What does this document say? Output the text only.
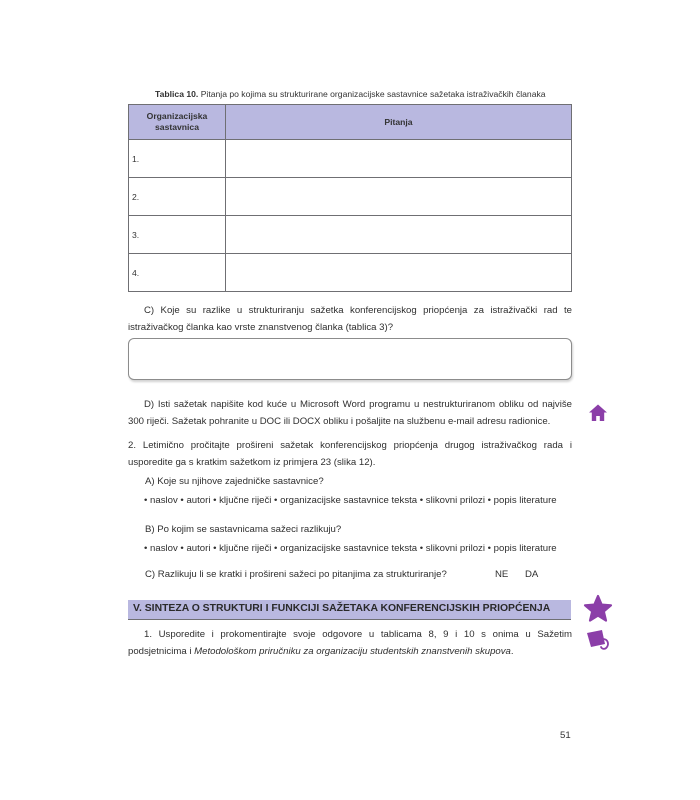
Tablica 10. Pitanja po kojima su strukturirane organizacijske sastavnice sažetaka istraživačkih članaka
Organizacijska sastavnica	Pitanja
1.	
2.	
3.	
4.	
C) Koje su razlike u strukturiranju sažetka konferencijskog priopćenja za istraživački rad te istraživačkog članka kao vrste znanstvenog članka (tablica 3)?
D) Isti sažetak napišite kod kuće u Microsoft Word programu u nestrukturiranom obliku od najviše 300 riječi. Sažetak pohranite u DOC ili DOCX obliku i pošaljite na službenu e-mail adresu radionice.
2. Letimično pročitajte prošireni sažetak konferencijskog priopćenja drugog istraživačkog rada i usporedite ga s kratkim sažetkom iz primjera 23 (slika 12).
A) Koje su njihove zajedničke sastavnice?
• naslov • autori • ključne riječi • organizacijske sastavnice teksta • slikovni prilozi • popis literature
B) Po kojim se sastavnicama sažeci razlikuju?
• naslov • autori • ključne riječi • organizacijske sastavnice teksta • slikovni prilozi • popis literature
C) Razlikuju li se kratki i prošireni sažeci po pitanjima za strukturiranje?	NE DA
V. SINTEZA O STRUKTURI I FUNKCIJI SAŽETAKA KONFERENCIJSKIH PRIOPĆENJA
1. Usporedite i prokomentirajte svoje odgovore u tablicama 8, 9 i 10 s onima u Sažetim podsjetnicima i Metodološkom priručniku za organizaciju studentskih znanstvenih skupova.
51
